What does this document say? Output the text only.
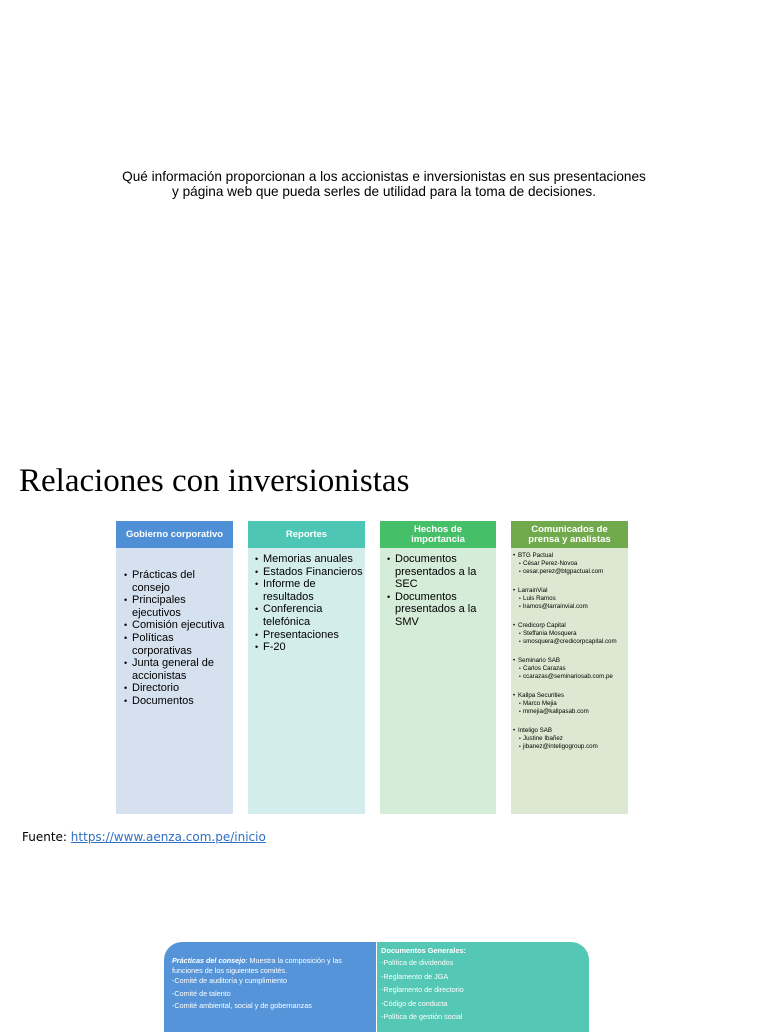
Qué información proporcionan a los accionistas e inversionistas en sus presentaciones
y página web que pueda serles de utilidad para la toma de decisiones.
Relaciones con inversionistas
Gobierno corporativo	Reportes	Hechos de importancia
Comunicados de prensa y analistas
• Prácticas del consejo
• Principales ejecutivos
• Comisión ejecutiva
• Políticas corporativas
• Junta general de accionistas
• Directorio
• Documentos
• Memorias anuales
• Estados Financieros
• Informe de resultados
• Conferencia telefónica
• Presentaciones
• F-20
• Documentos presentados a la SEC
• Documentos presentados a la SMV
• BTG Pactual
• César Perez-Novoa
• cesar.perez@btgpactual.com
• LarrainVial
• Luis Ramos
• lramos@larrainvial.com
• Credicorp Capital
• Steffania Mosquera
• smosquera@credicorpcapital.com
• Seminario SAB
• Carlos Carazas
• ccarazas@seminariosab.com.pe
• Kallpa Securities
• Marco Mejia
• mmejia@kallpasab.com
• Inteligo SAB
• Justine Ibañez
• jibanez@inteligogroup.com
Fuente: https://www.aenza.com.pe/inicio
Prácticas del consejo: Muestra la composición y las funciones de los siguientes comités.
-Comité de auditoría y cumplimiento
-Comité de talento
-Comité ambiental, social y de gobernanzas
Documentos Generales:
-Política de dividendos
-Reglamento de JGA
-Reglamento de directorio
-Código de conducta
-Política de gestión social
